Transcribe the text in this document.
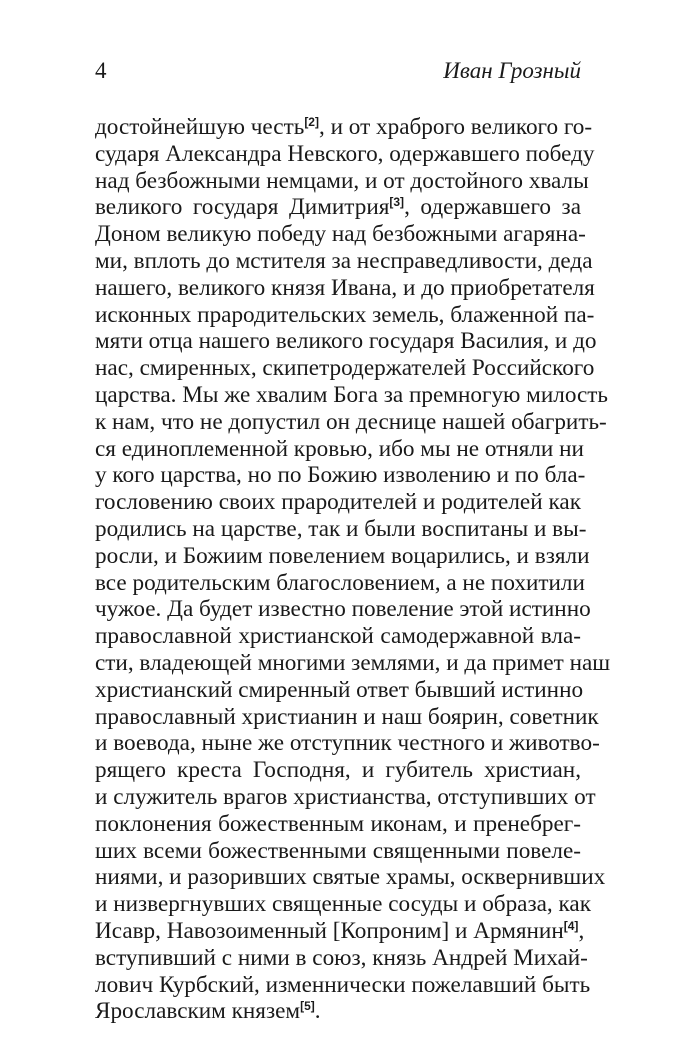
4	Иван Грозный
достойнейшую честь[2], и от храброго великого го-
сударя Александра Невского, одержавшего победу
над безбожными немцами, и от достойного хвалы
великого государя Димитрия[3], одержавшего за
Доном великую победу над безбожными агаряна-
ми, вплоть до мстителя за несправедливости, деда
нашего, великого князя Ивана, и до приобретателя
исконных прародительских земель, блаженной па-
мяти отца нашего великого государя Василия, и до
нас, смиренных, скипетродержателей Российского
царства. Мы же хвалим Бога за премногую милость
к нам, что не допустил он деснице нашей обагрить-
ся единоплеменной кровью, ибо мы не отняли ни
у кого царства, но по Божию изволению и по бла-
гословению своих прародителей и родителей как
родились на царстве, так и были воспитаны и вы-
росли, и Божиим повелением воцарились, и взяли
все родительским благословением, а не похитили
чужое. Да будет известно повеление этой истинно
православной христианской самодержавной вла-
сти, владеющей многими землями, и да примет наш
христианский смиренный ответ бывший истинно
православный христианин и наш боярин, советник
и воевода, ныне же отступник честного и животво-
рящего креста Господня, и губитель христиан,
и служитель врагов христианства, отступивших от
поклонения божественным иконам, и пренебрег-
ших всеми божественными священными повеле-
ниями, и разоривших святые храмы, осквернивших
и низвергнувших священные сосуды и образа, как
Исавр, Навозоименный [Копроним] и Армянин[4],
вступивший с ними в союз, князь Андрей Михай-
лович Курбский, изменнически пожелавший быть
Ярославским князем[5].
